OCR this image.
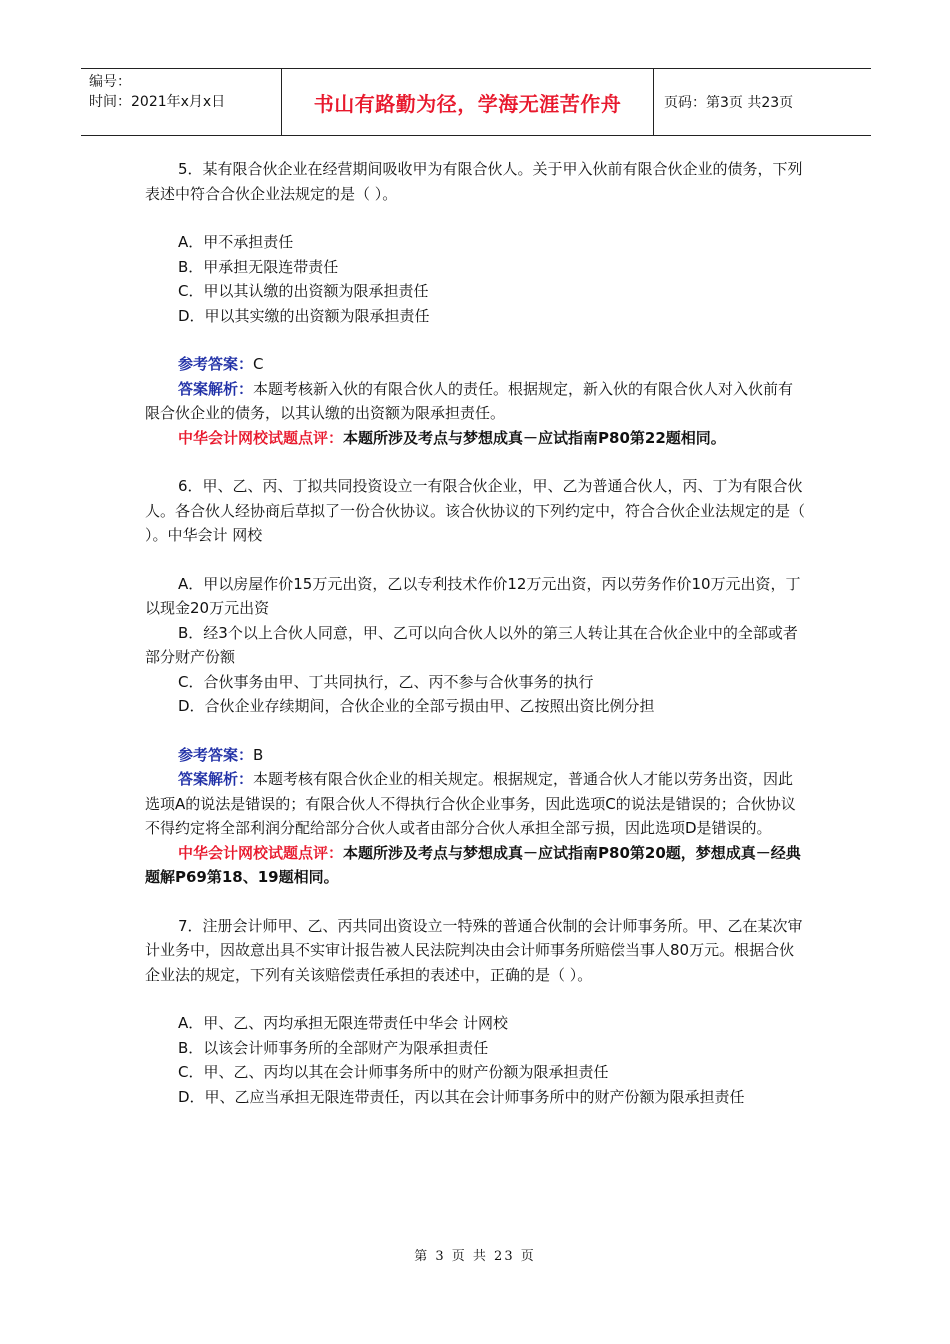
编号：
时间：2021年x月x日	书山有路勤为径，学海无涯苦作舟	页码：第3页 共23页

5．某有限合伙企业在经营期间吸收甲为有限合伙人。关于甲入伙前有限合伙企业的债务，下列表述中符合合伙企业法规定的是（ ）。

A．甲不承担责任

B．甲承担无限连带责任

C．甲以其认缴的出资额为限承担责任

D．甲以其实缴的出资额为限承担责任

参考答案：C

答案解析：本题考核新入伙的有限合伙人的责任。根据规定，新入伙的有限合伙人对入伙前有限合伙企业的债务，以其认缴的出资额为限承担责任。

中华会计网校试题点评：本题所涉及考点与梦想成真－应试指南P80第22题相同。

6．甲、乙、丙、丁拟共同投资设立一有限合伙企业，甲、乙为普通合伙人，丙、丁为有限合伙人。各合伙人经协商后草拟了一份合伙协议。该合伙协议的下列约定中，符合合伙企业法规定的是（ ）。中华会计 网校

A．甲以房屋作价15万元出资，乙以专利技术作价12万元出资，丙以劳务作价10万元出资，丁以现金20万元出资

B．经3个以上合伙人同意，甲、乙可以向合伙人以外的第三人转让其在合伙企业中的全部或者部分财产份额

C．合伙事务由甲、丁共同执行，乙、丙不参与合伙事务的执行

D．合伙企业存续期间，合伙企业的全部亏损由甲、乙按照出资比例分担

参考答案：B

答案解析：本题考核有限合伙企业的相关规定。根据规定，普通合伙人才能以劳务出资，因此选项A的说法是错误的；有限合伙人不得执行合伙企业事务，因此选项C的说法是错误的；合伙协议不得约定将全部利润分配给部分合伙人或者由部分合伙人承担全部亏损，因此选项D是错误的。

中华会计网校试题点评：本题所涉及考点与梦想成真－应试指南P80第20题，梦想成真－经典题解P69第18、19题相同。

7．注册会计师甲、乙、丙共同出资设立一特殊的普通合伙制的会计师事务所。甲、乙在某次审计业务中，因故意出具不实审计报告被人民法院判决由会计师事务所赔偿当事人80万元。根据合伙企业法的规定，下列有关该赔偿责任承担的表述中，正确的是（ ）。

A．甲、乙、丙均承担无限连带责任中华会 计网校

B．以该会计师事务所的全部财产为限承担责任

C．甲、乙、丙均以其在会计师事务所中的财产份额为限承担责任

D．甲、乙应当承担无限连带责任，丙以其在会计师事务所中的财产份额为限承担责任

第 3 页 共 23 页
